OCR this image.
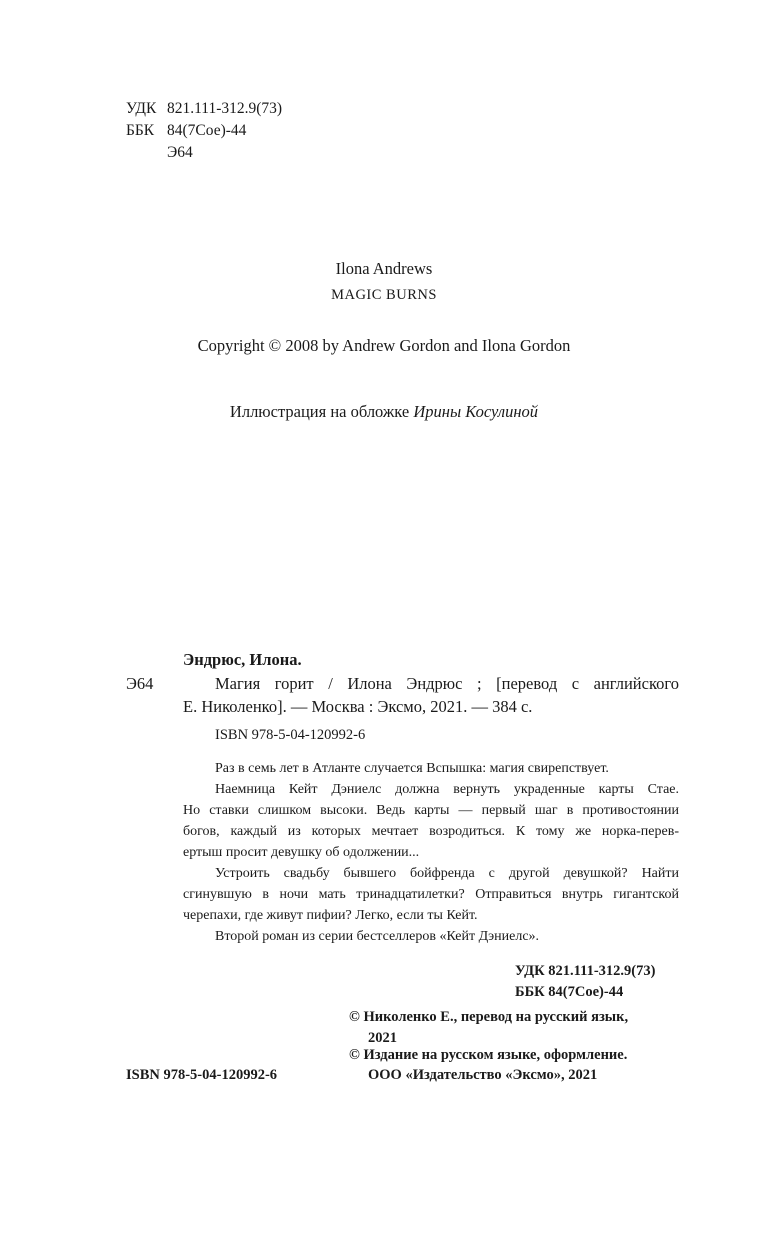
УДК 821.111-312.9(73)
ББК 84(7Сое)-44
Э64
Ilona Andrews
MAGIC BURNS
Copyright © 2008 by Andrew Gordon and Ilona Gordon
Иллюстрация на обложке Ирины Косулиной
Эндрюс, Илона.
Э64	Магия горит / Илона Эндрюс ; [перевод с английского
Е. Николенко]. — Москва : Эксмо, 2021. — 384 с.
ISBN 978-5-04-120992-6
Раз в семь лет в Атланте случается Вспышка: магия свирепствует.
Наемница Кейт Дэниелс должна вернуть украденные карты Стае.
Но ставки слишком высоки. Ведь карты — первый шаг в противостоянии
богов, каждый из которых мечтает возродиться. К тому же норка-перев-
ертыш просит девушку об одолжении...
Устроить свадьбу бывшего бойфренда с другой девушкой? Найти
сгинувшую в ночи мать тринадцатилетки? Отправиться внутрь гигантской
черепахи, где живут пифии? Легко, если ты Кейт.
Второй роман из серии бестселлеров «Кейт Дэниелс».
УДК 821.111-312.9(73)
ББК 84(7Сое)-44
© Николенко Е., перевод на русский язык,
2021
© Издание на русском языке, оформление.
ООО «Издательство «Эксмо», 2021
ISBN 978-5-04-120992-6
